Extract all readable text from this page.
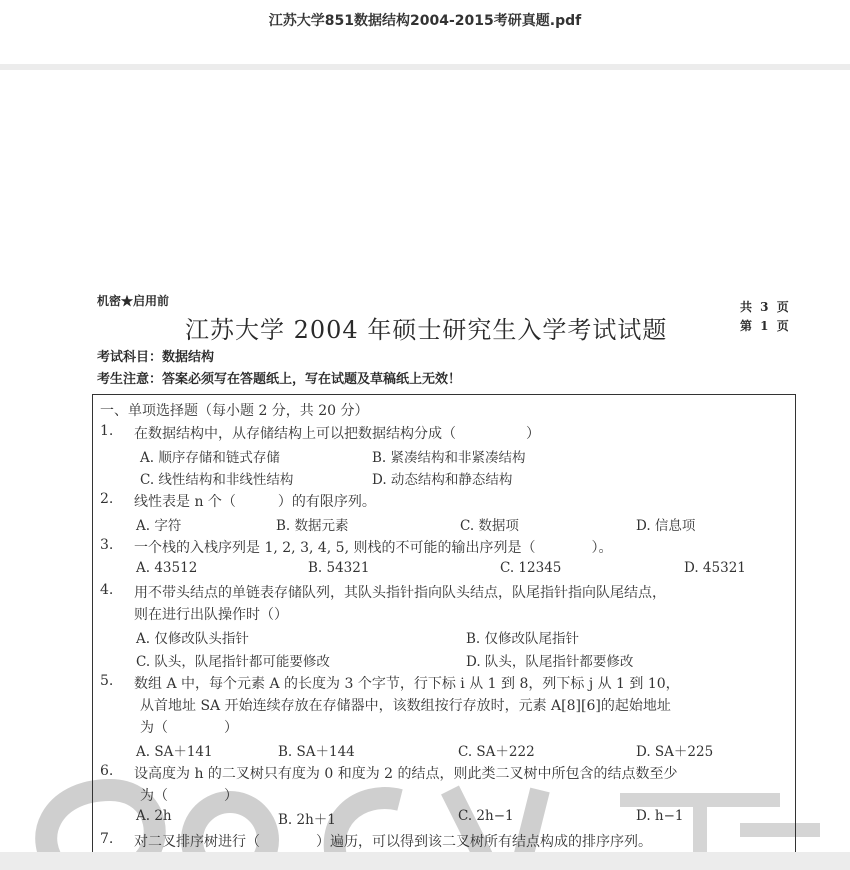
江苏大学851数据结构2004-2015考研真题.pdf
机密★启用前	共 3 页
第 1 页
江苏大学 2004 年硕士研究生入学考试试题
考试科目：数据结构
考生注意：答案必须写在答题纸上，写在试题及草稿纸上无效！
一、单项选择题（每小题 2 分，共 20 分）
1. 在数据结构中，从存储结构上可以把数据结构分成（　　　　　）
A. 顺序存储和链式存储	B. 紧凑结构和非紧凑结构
C. 线性结构和非线性结构	D. 动态结构和静态结构
2. 线性表是 n 个（　　　）的有限序列。
A. 字符	B. 数据元素	C. 数据项	D. 信息项
3. 一个栈的入栈序列是 1, 2, 3, 4, 5, 则栈的不可能的输出序列是（　　　　）。
A. 43512	B. 54321	C. 12345	D. 45321
4. 用不带头结点的单链表存储队列，其队头指针指向队头结点，队尾指针指向队尾结点，
则在进行出队操作时（）
A. 仅修改队头指针	B. 仅修改队尾指针
C. 队头，队尾指针都可能要修改	D. 队头，队尾指针都要修改
5. 数组 A 中，每个元素 A 的长度为 3 个字节，行下标 i 从 1 到 8，列下标 j 从 1 到 10，
从首地址 SA 开始连续存放在存储器中，该数组按行存放时，元素 A[8][6]的起始地址
为（　　　　）
A. SA＋141	B. SA＋144	C. SA＋222	D. SA＋225
6. 设高度为 h 的二叉树只有度为 0 和度为 2 的结点，则此类二叉树中所包含的结点数至少
为（　　　　）
A. 2h	B. 2h＋1	C. 2h−1	D. h−1
7. 对二叉排序树进行（　　　　）遍历，可以得到该二叉树所有结点构成的排序序列。
